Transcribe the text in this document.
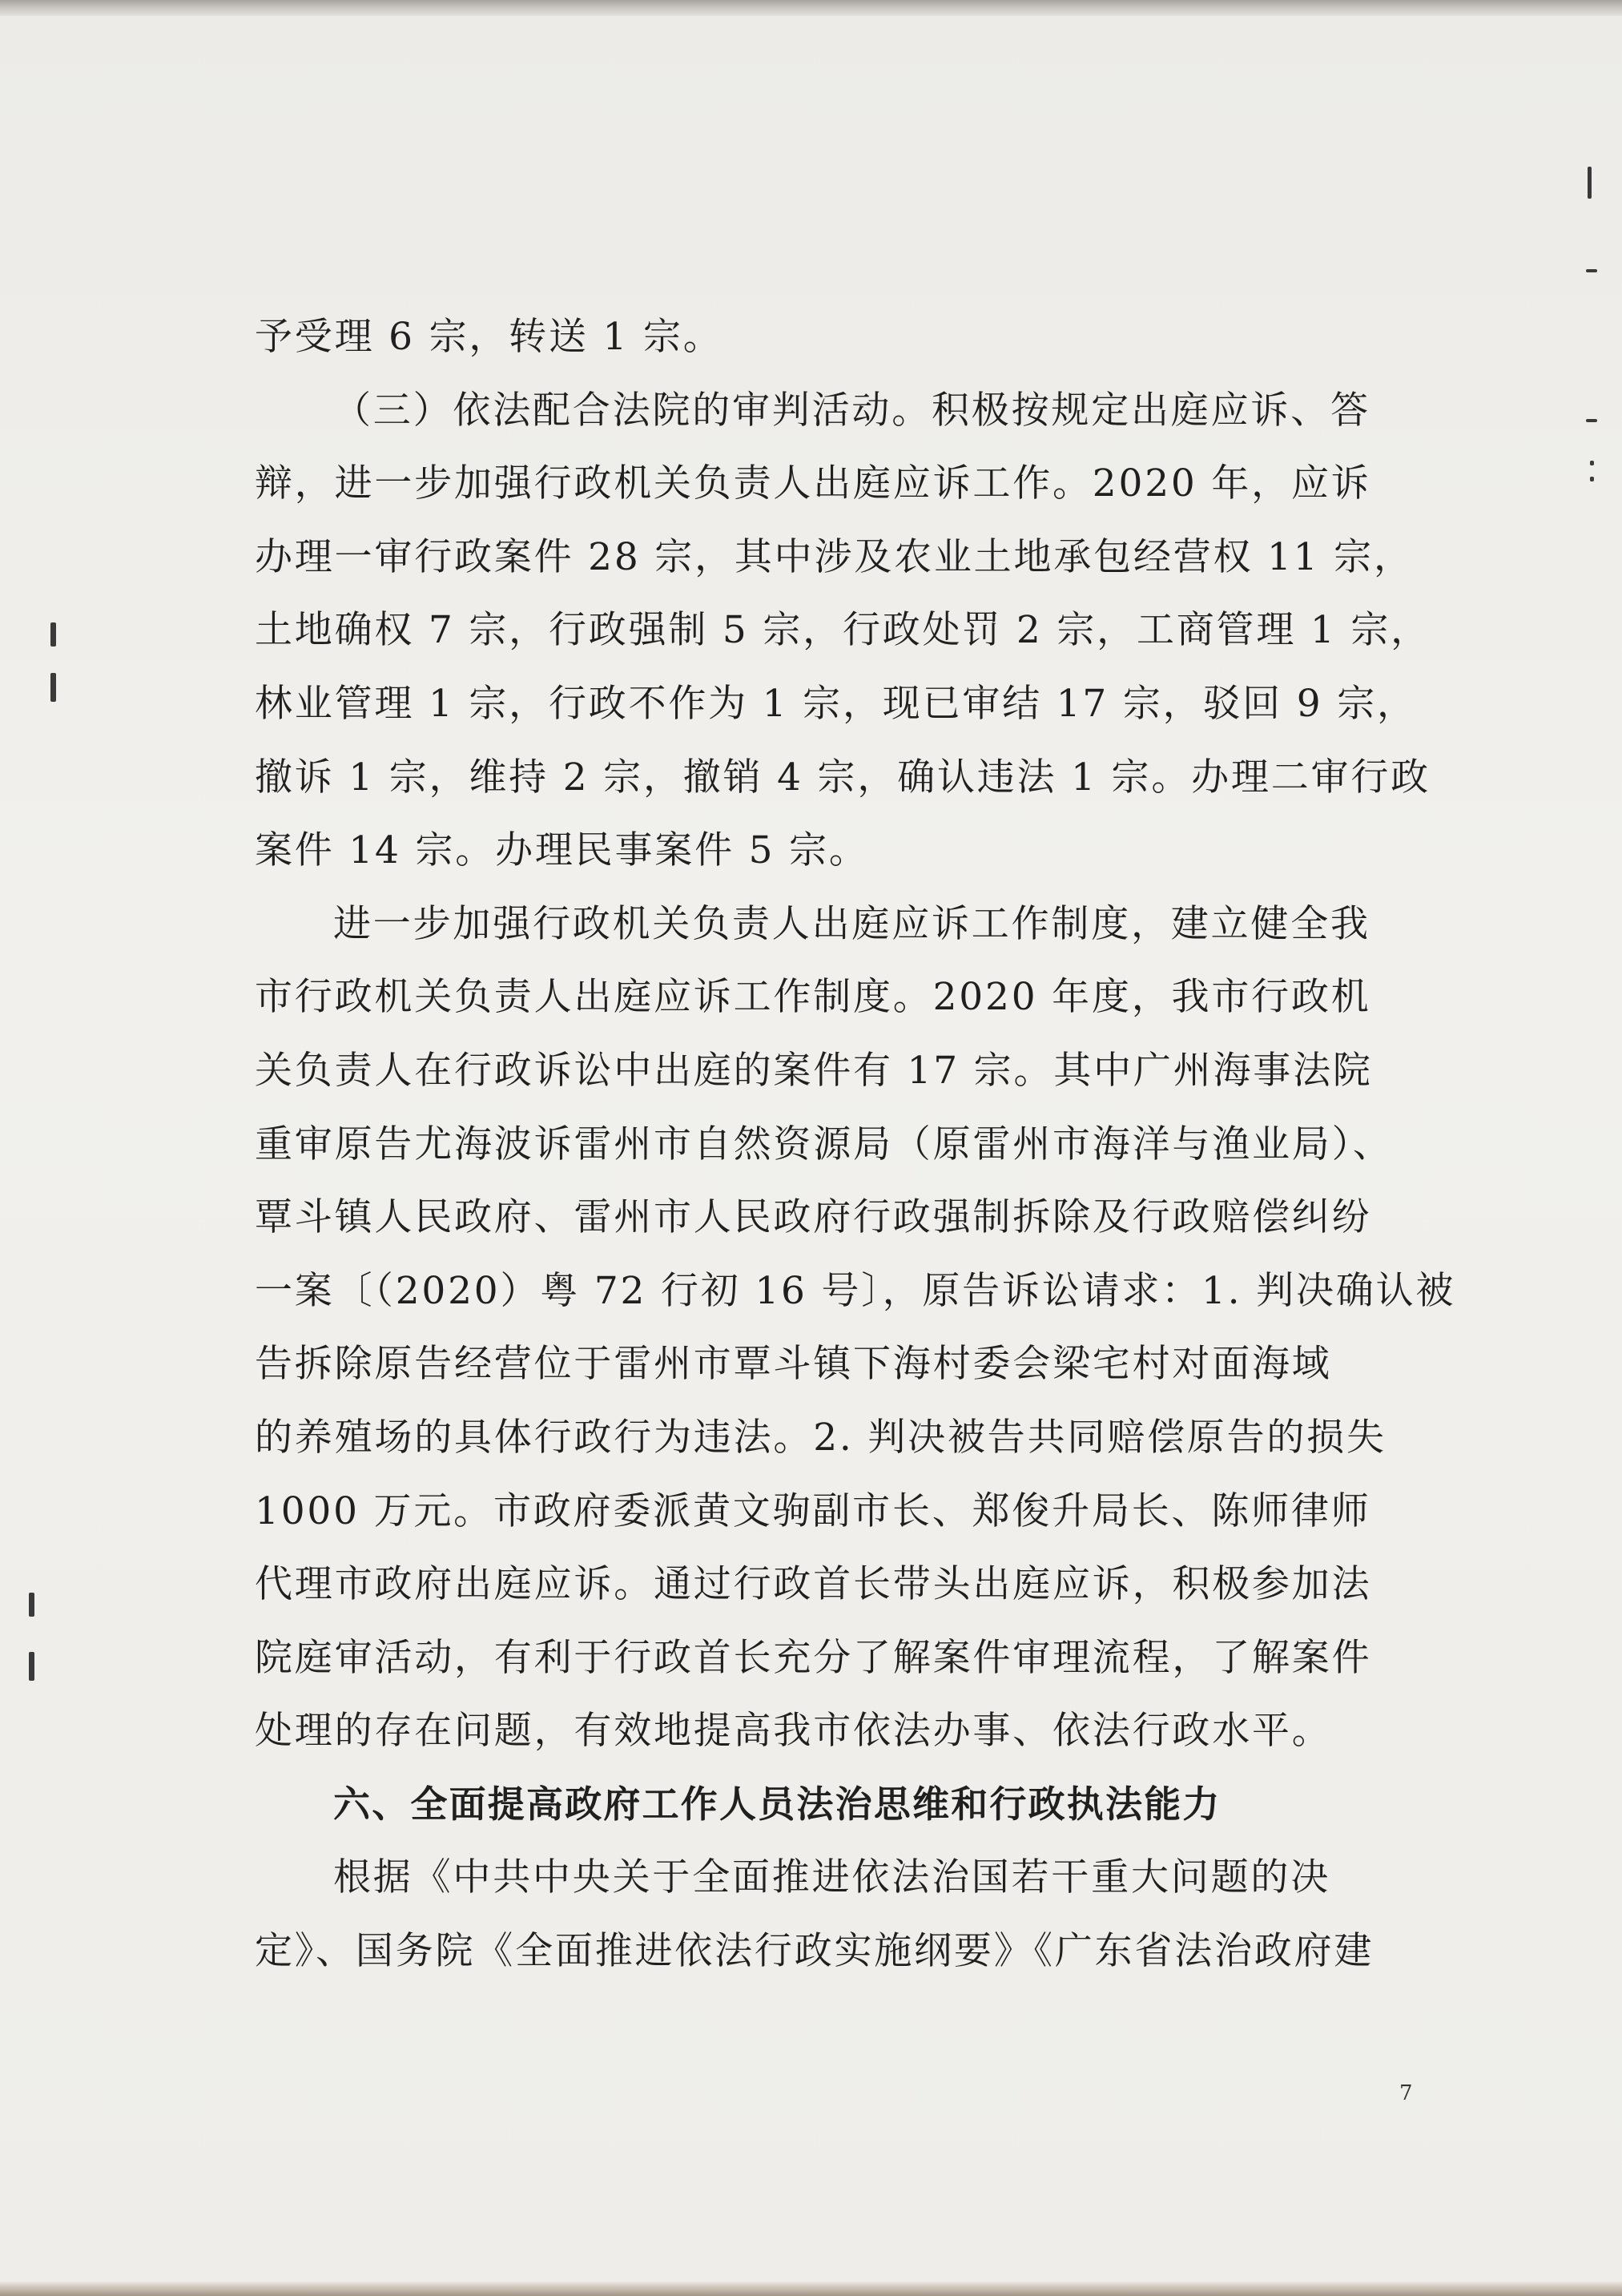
予受理 6 宗，转送 1 宗。
（三）依法配合法院的审判活动。积极按规定出庭应诉、答
辩，进一步加强行政机关负责人出庭应诉工作。2020 年，应诉
办理一审行政案件 28 宗，其中涉及农业土地承包经营权 11 宗，
土地确权 7 宗，行政强制 5 宗，行政处罚 2 宗，工商管理 1 宗，
林业管理 1 宗，行政不作为 1 宗，现已审结 17 宗，驳回 9 宗，
撤诉 1 宗，维持 2 宗，撤销 4 宗，确认违法 1 宗。办理二审行政
案件 14 宗。办理民事案件 5 宗。
进一步加强行政机关负责人出庭应诉工作制度，建立健全我
市行政机关负责人出庭应诉工作制度。2020 年度，我市行政机
关负责人在行政诉讼中出庭的案件有 17 宗。其中广州海事法院
重审原告尤海波诉雷州市自然资源局（原雷州市海洋与渔业局）、
覃斗镇人民政府、雷州市人民政府行政强制拆除及行政赔偿纠纷
一案〔（2020）粤 72 行初 16 号〕，原告诉讼请求：1. 判决确认被
告拆除原告经营位于雷州市覃斗镇下海村委会梁宅村对面海域
的养殖场的具体行政行为违法。2. 判决被告共同赔偿原告的损失
1000 万元。市政府委派黄文驹副市长、郑俊升局长、陈师律师
代理市政府出庭应诉。通过行政首长带头出庭应诉，积极参加法
院庭审活动，有利于行政首长充分了解案件审理流程，了解案件
处理的存在问题，有效地提高我市依法办事、依法行政水平。
六、全面提高政府工作人员法治思维和行政执法能力
根据《中共中央关于全面推进依法治国若干重大问题的决
定》、国务院《全面推进依法行政实施纲要》《广东省法治政府建
7
